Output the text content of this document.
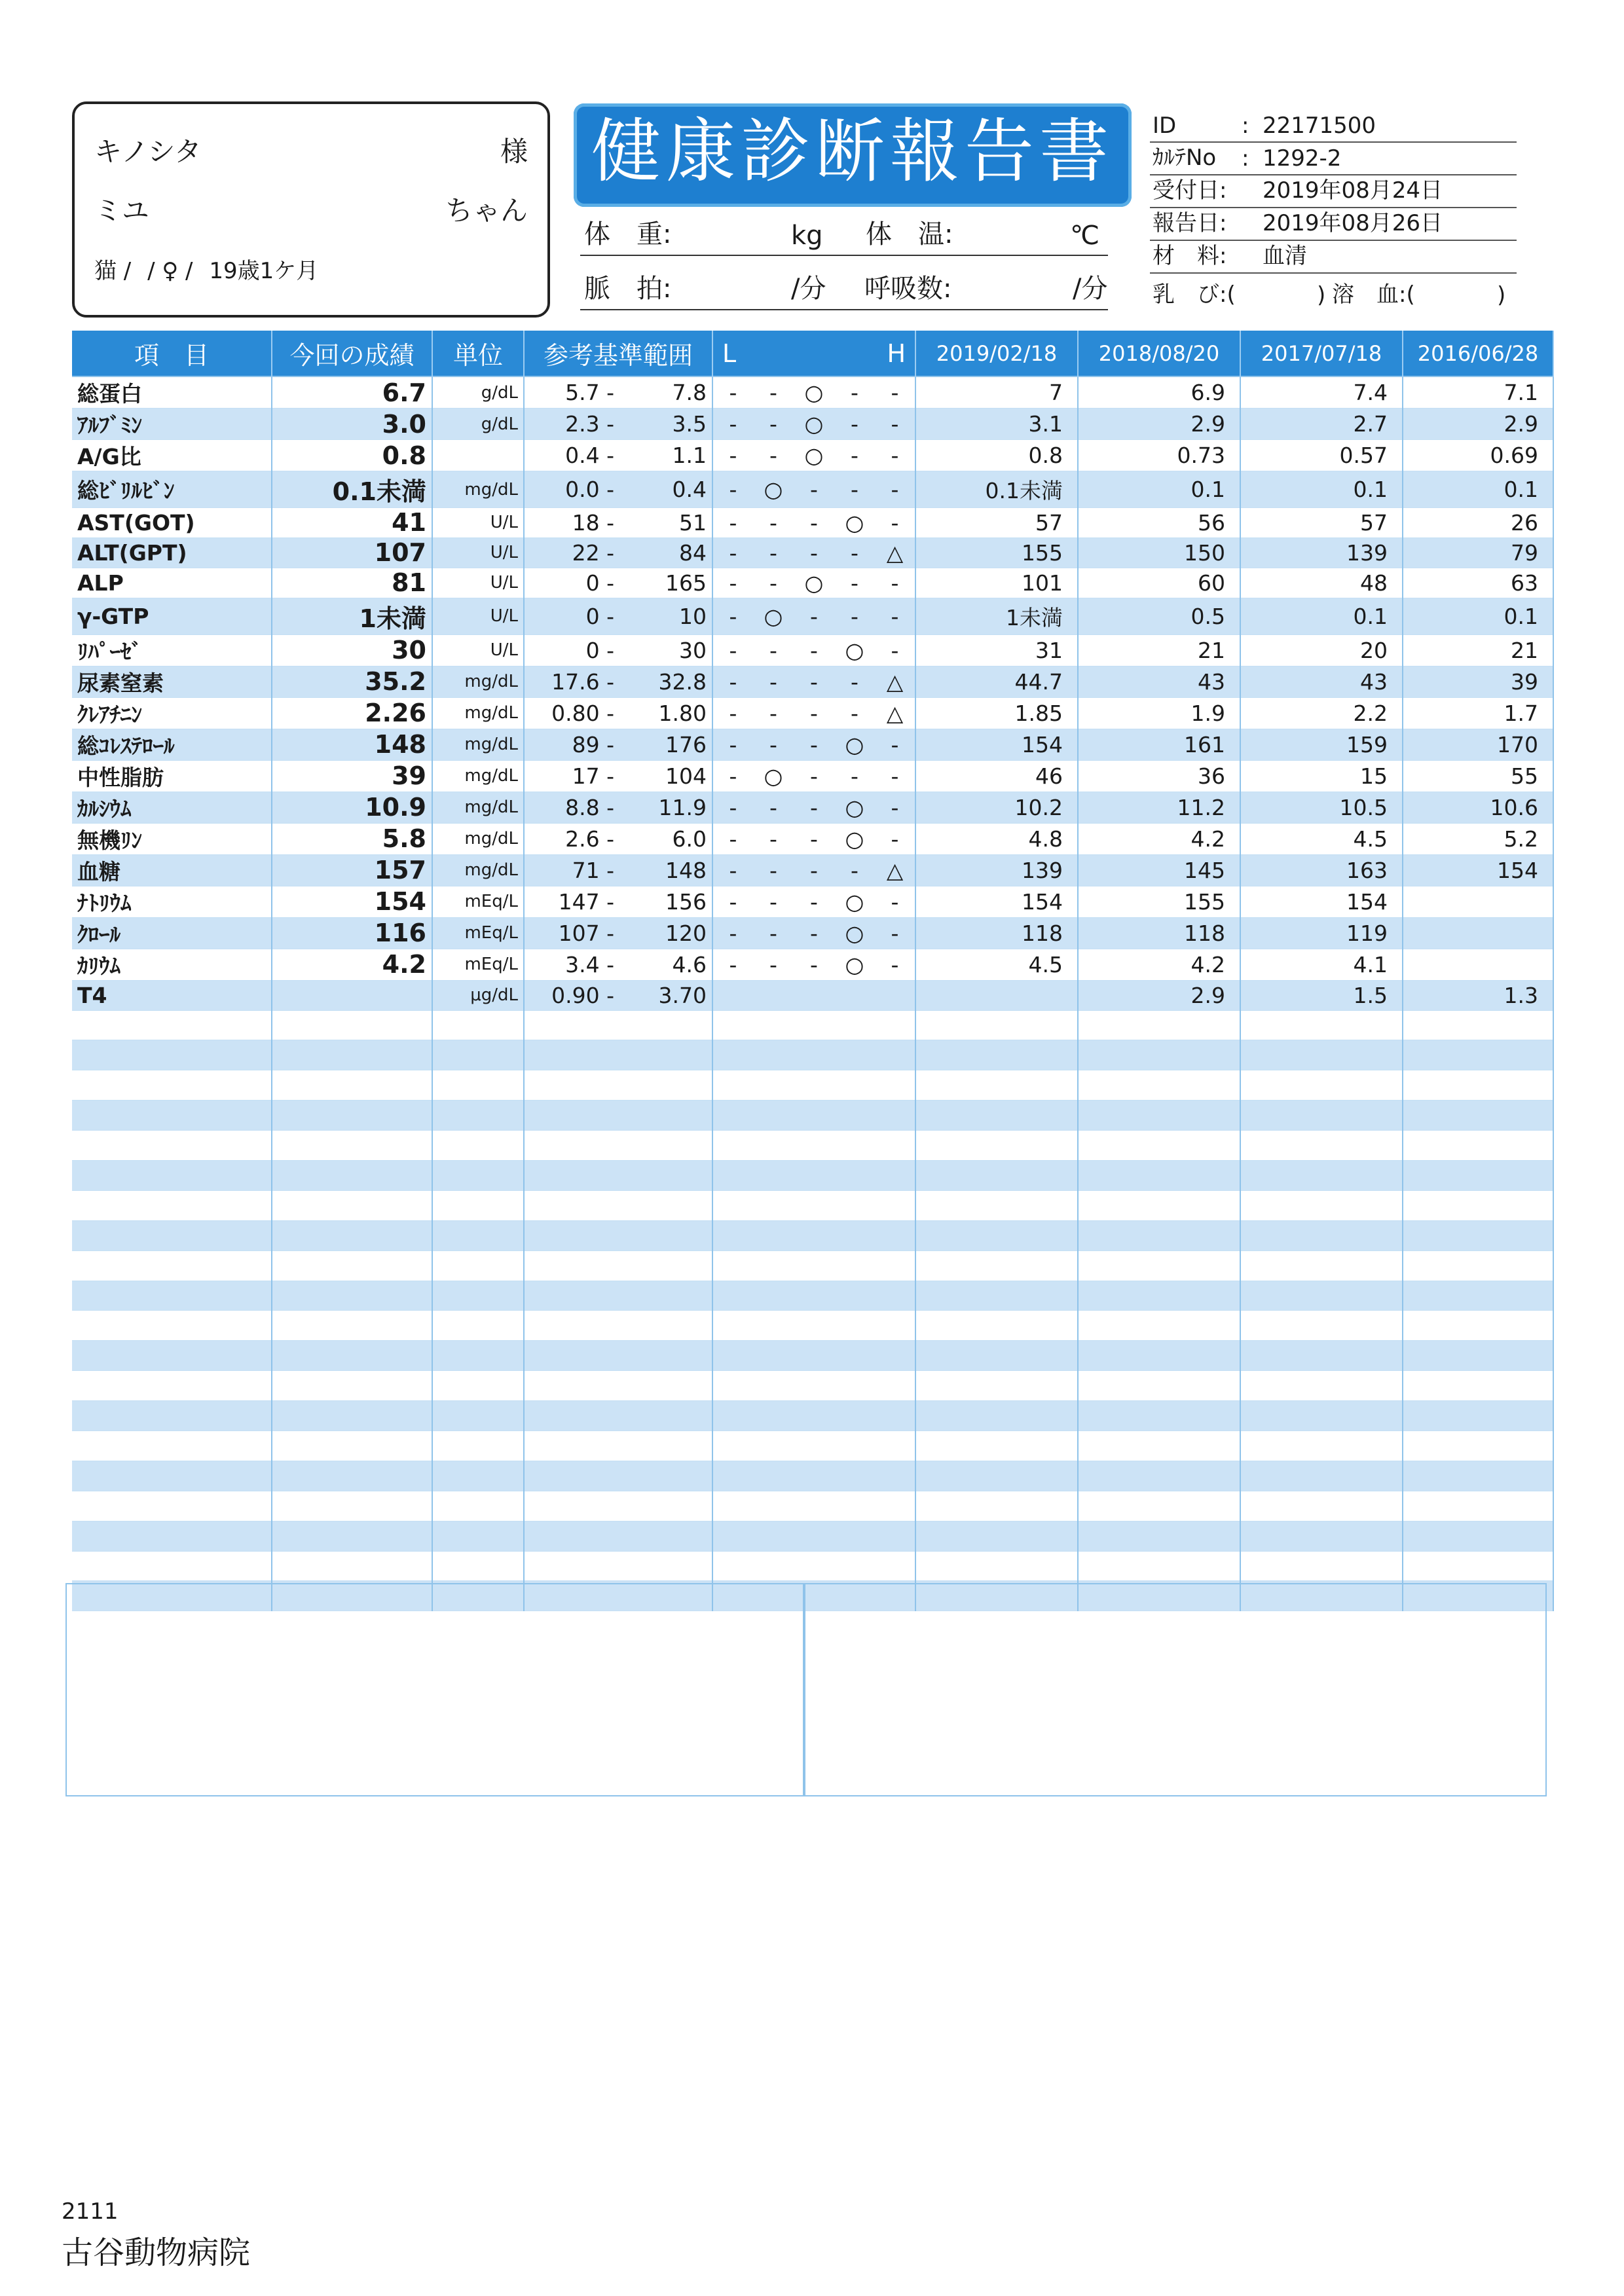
キノシタ	様
ミユ	ちゃん
猫 / / ♀ / 19歳1ケ月
健康診断報告書
体　重:	kg 体　温:	℃
脈　拍:	/分 呼吸数:	/分
ID	: 22171500
ｶﾙﾃNo : 1292-2
受付日: 2019年08月24日
報告日: 2019年08月26日
材　料: 血清
乳　び:(	) 溶　血:(	)
項　目	今回の成績	単位	参考基準範囲		L				H	2019/02/18	2018/08/20	2017/07/18	2016/06/28
総蛋白	6.7	g/dL	5.7 -	7.8	-	-	○	-	-	7	6.9	7.4	7.1
ｱﾙﾌﾞﾐﾝ	3.0	g/dL	2.3 -	3.5	-	-	○	-	-	3.1	2.9	2.7	2.9
A/G比	0.8		0.4 -	1.1	-	-	○	-	-	0.8	0.73	0.57	0.69
総ﾋﾞﾘﾙﾋﾞﾝ	0.1未満	mg/dL	0.0 -	0.4	-	○	-	-	-	0.1未満	0.1	0.1	0.1
AST(GOT)	41	U/L	18 -	51	-	-	-	○	-	57	56	57	26
ALT(GPT)	107	U/L	22 -	84	-	-	-	-	△	155	150	139	79
ALP	81	U/L	0 -	165	-	-	○	-	-	101	60	48	63
γ-GTP	1未満	U/L	0 -	10	-	○	-	-	-	1未満	0.5	0.1	0.1
ﾘﾊﾟｰｾﾞ	30	U/L	0 -	30	-	-	-	○	-	31	21	20	21
尿素窒素	35.2	mg/dL	17.6 -	32.8	-	-	-	-	△	44.7	43	43	39
ｸﾚｱﾁﾆﾝ	2.26	mg/dL	0.80 -	1.80	-	-	-	-	△	1.85	1.9	2.2	1.7
総ｺﾚｽﾃﾛｰﾙ	148	mg/dL	89 -	176	-	-	-	○	-	154	161	159	170
中性脂肪	39	mg/dL	17 -	104	-	○	-	-	-	46	36	15	55
ｶﾙｼｳﾑ	10.9	mg/dL	8.8 -	11.9	-	-	-	○	-	10.2	11.2	10.5	10.6
無機ﾘﾝ	5.8	mg/dL	2.6 -	6.0	-	-	-	○	-	4.8	4.2	4.5	5.2
血糖	157	mg/dL	71 -	148	-	-	-	-	△	139	145	163	154
ﾅﾄﾘｳﾑ	154	mEq/L	147 -	156	-	-	-	○	-	154	155	154	
ｸﾛｰﾙ	116	mEq/L	107 -	120	-	-	-	○	-	118	118	119	
ｶﾘｳﾑ	4.2	mEq/L	3.4 -	4.6	-	-	-	○	-	4.5	4.2	4.1	
T4		μg/dL	0.90 -	3.70							2.9	1.5	1.3

2111
古谷動物病院
